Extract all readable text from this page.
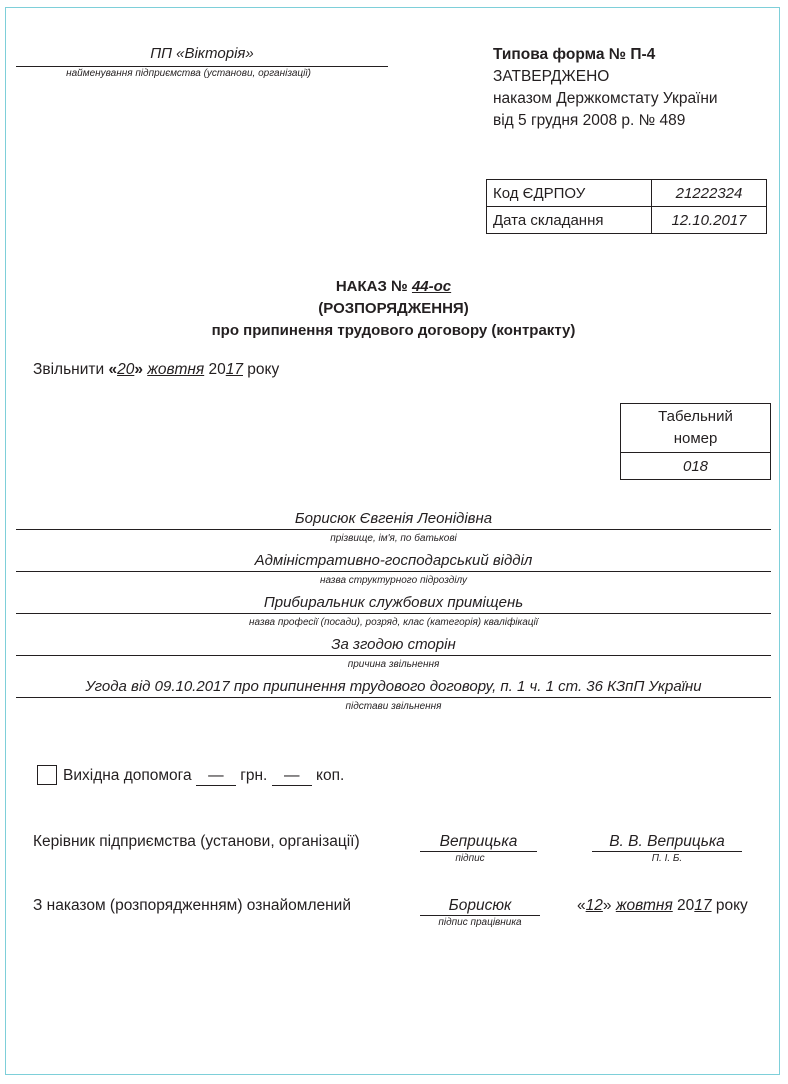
ПП «Вікторія»
найменування підприємства (установи, організації)
Типова форма № П-4
ЗАТВЕРДЖЕНО
наказом Держкомстату України
від 5 грудня 2008 р. № 489
Код ЄДРПОУ	21222324
Дата складання	12.10.2017
НАКАЗ № 44-ос
(РОЗПОРЯДЖЕННЯ)
про припинення трудового договору (контракту)
Звільнити «20» жовтня 2017 року
Табельний номер
018
Борисюк Євгенія Леонідівна
прізвище, ім'я, по батькові
Адміністративно-господарський відділ
назва структурного підрозділу
Прибиральник службових приміщень
назва професії (посади), розряд, клас (категорія) кваліфікації
За згодою сторін
причина звільнення
Угода від 09.10.2017 про припинення трудового договору, п. 1 ч. 1 ст. 36 КЗпП України
підстави звільнення
Вихідна допомога — грн. — коп.
Керівник підприємства (установи, організації)	Веприцька
підпис
В. В. Веприцька
П. І. Б.
З наказом (розпорядженням) ознайомлений	Борисюк
підпис працівника
«12» жовтня 2017 року
